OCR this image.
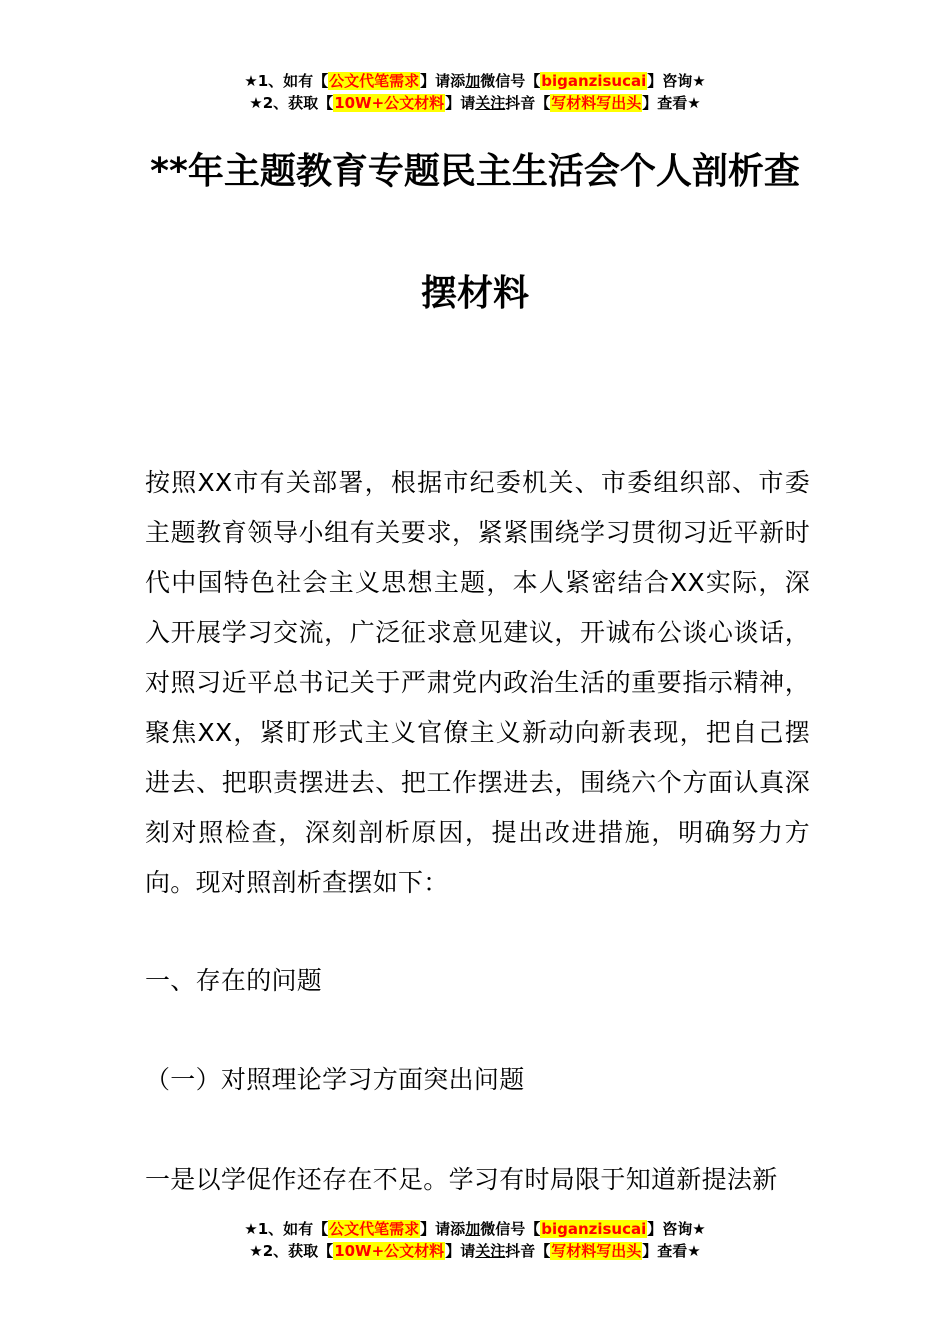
★1、如有【公文代笔需求】请添加微信号【biganzisucai】咨询★
★2、获取【10W+公文材料】请关注抖音【写材料写出头】查看★
**年主题教育专题民主生活会个人剖析查
摆材料

按照XX市有关部署，根据市纪委机关、市委组织部、市委主题教育领导小组有关要求，紧紧围绕学习贯彻习近平新时代中国特色社会主义思想主题，本人紧密结合XX实际，深入开展学习交流，广泛征求意见建议，开诚布公谈心谈话，对照习近平总书记关于严肃党内政治生活的重要指示精神，聚焦XX，紧盯形式主义官僚主义新动向新表现，把自己摆进去、把职责摆进去、把工作摆进去，围绕六个方面认真深刻对照检查，深刻剖析原因，提出改进措施，明确努力方向。现对照剖析查摆如下：

一、存在的问题

（一）对照理论学习方面突出问题

一是以学促作还存在不足。学习有时局限于知道新提法新

★1、如有【公文代笔需求】请添加微信号【biganzisucai】咨询★
★2、获取【10W+公文材料】请关注抖音【写材料写出头】查看★
